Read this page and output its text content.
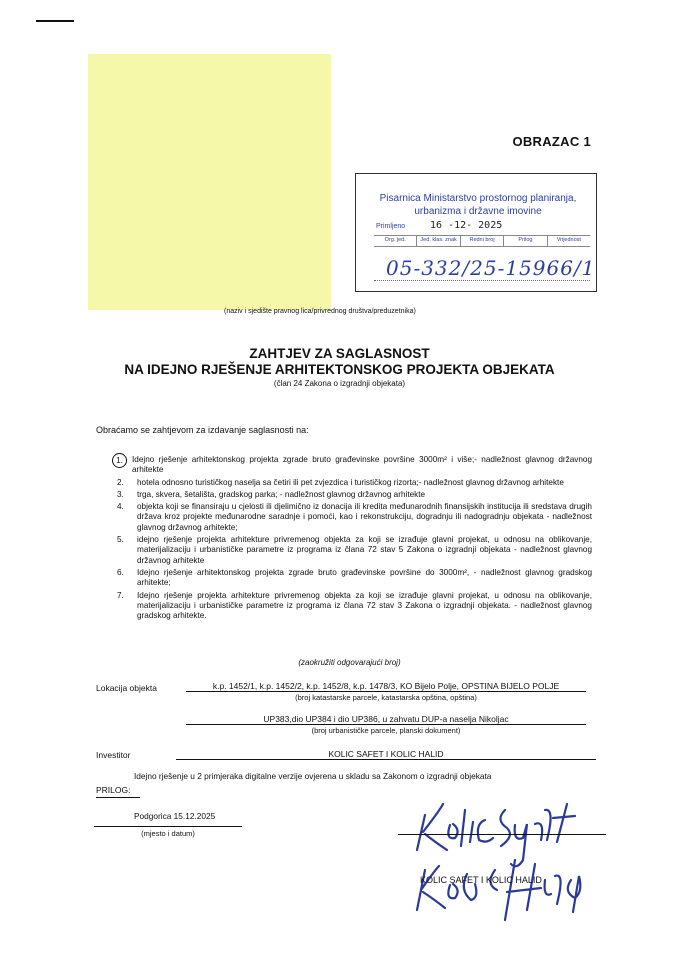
OBRAZAC 1
Pisarnica Ministarstvo prostornog planiranja,
urbanizma i državne imovine
Primljeno 16 -12- 2025
Org. jed.	Jed. klas. znak	Redni broj	Prilog	Vrijednost
05-332/25-15966/1
(naziv i sjedište pravnog lica/privrednog društva/preduzetnika)
ZAHTJEV ZA SAGLASNOST
NA IDEJNO RJEŠENJE ARHITEKTONSKOG PROJEKTA OBJEKATA
(član 24 Zakona o izgradnji objekata)
Obraćamo se zahtjevom za izdavanje saglasnosti na:
1.	Idejno rješenje arhitektonskog projekta zgrade bruto građevinske površine 3000m² i više;- nadležnost glavnog državnog arhitekte
2.	hotela odnosno turističkog naselja sa četiri ili pet zvjezdica i turističkog rizorta;- nadležnost glavnog državnog arhitekte
3.	trga, skvera, šetališta, gradskog parka; - nadležnost glavnog državnog arhitekte
4.	objekta koji se finansiraju u cjelosti ili djelimično iz donacija ili kredita međunarodnih finansijskih institucija ili sredstava drugih država kroz projekte međunarodne saradnje i pomoći, kao i rekonstrukciju, dogradnju ili nadogradnju objekata - nadležnost glavnog državnog arhitekte;
5.	idejno rješenje projekta arhitekture privremenog objekta za koji se izrađuje glavni projekat, u odnosu na oblikovanje, materijalizaciju i urbanističke parametre iz programa iz člana 72 stav 5 Zakona o izgradnji objekata - nadležnost glavnog državnog arhitekte
6.	Idejno rješenje arhitektonskog projekta zgrade bruto građevinske površine do 3000m², - nadležnost glavnog gradskog arhitekte;
7.	Idejno rješenje projekta arhitekture privremenog objekta za koji se izrađuje glavni projekat, u odnosu na oblikovanje, materijalizaciju i urbanističke parametre iz programa iz člana 72 stav 3 Zakona o izgradnji objekata. - nadležnost glavnog gradskog arhitekte.
(zaokružiti odgovarajući broj)
Lokacija objekta	k.p. 1452/1, k.p. 1452/2, k.p. 1452/8, k.p. 1478/3, KO Bijelo Polje, OPSTINA BIJELO POLJE
(broj katastarske parcele, katastarska opština, opština)
UP383,dio UP384 i dio UP386, u zahvatu DUP-a naselja Nikoljac
(broj urbanističke parcele, planski dokument)
Investitor	KOLIC SAFET I KOLIC HALID
Idejno rješenje u 2 primjeraka digitalne verzije ovjerena u skladu sa Zakonom o izgradnji objekata
PRILOG:
Podgorica 15.12.2025
(mjesto i datum)
KOLIC SAFET I KOLIC HALID
